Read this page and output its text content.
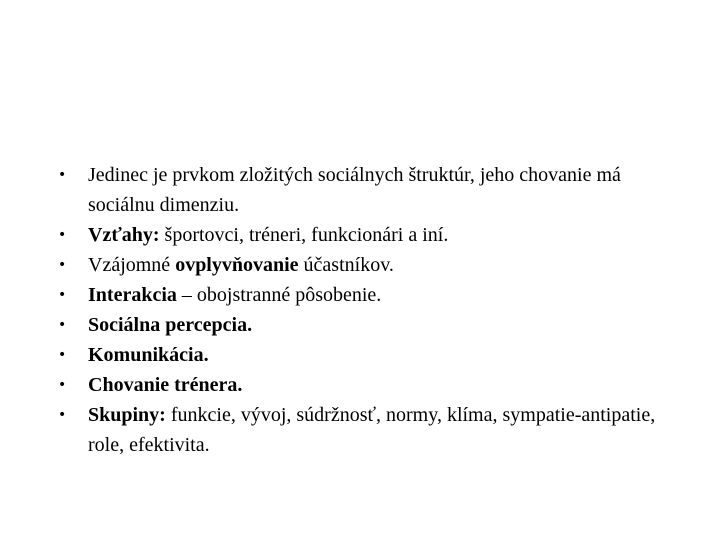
•	Jedinec je prvkom zložitých sociálnych štruktúr, jeho chovanie má sociálnu dimenziu.
•	Vzťahy: športovci, tréneri, funkcionári a iní.
•	Vzájomné ovplyvňovanie účastníkov.
•	Interakcia – obojstranné pôsobenie.
•	Sociálna percepcia.
•	Komunikácia.
•	Chovanie trénera.
•	Skupiny: funkcie, vývoj, súdržnosť, normy, klíma, sympatie-antipatie, role, efektivita.
